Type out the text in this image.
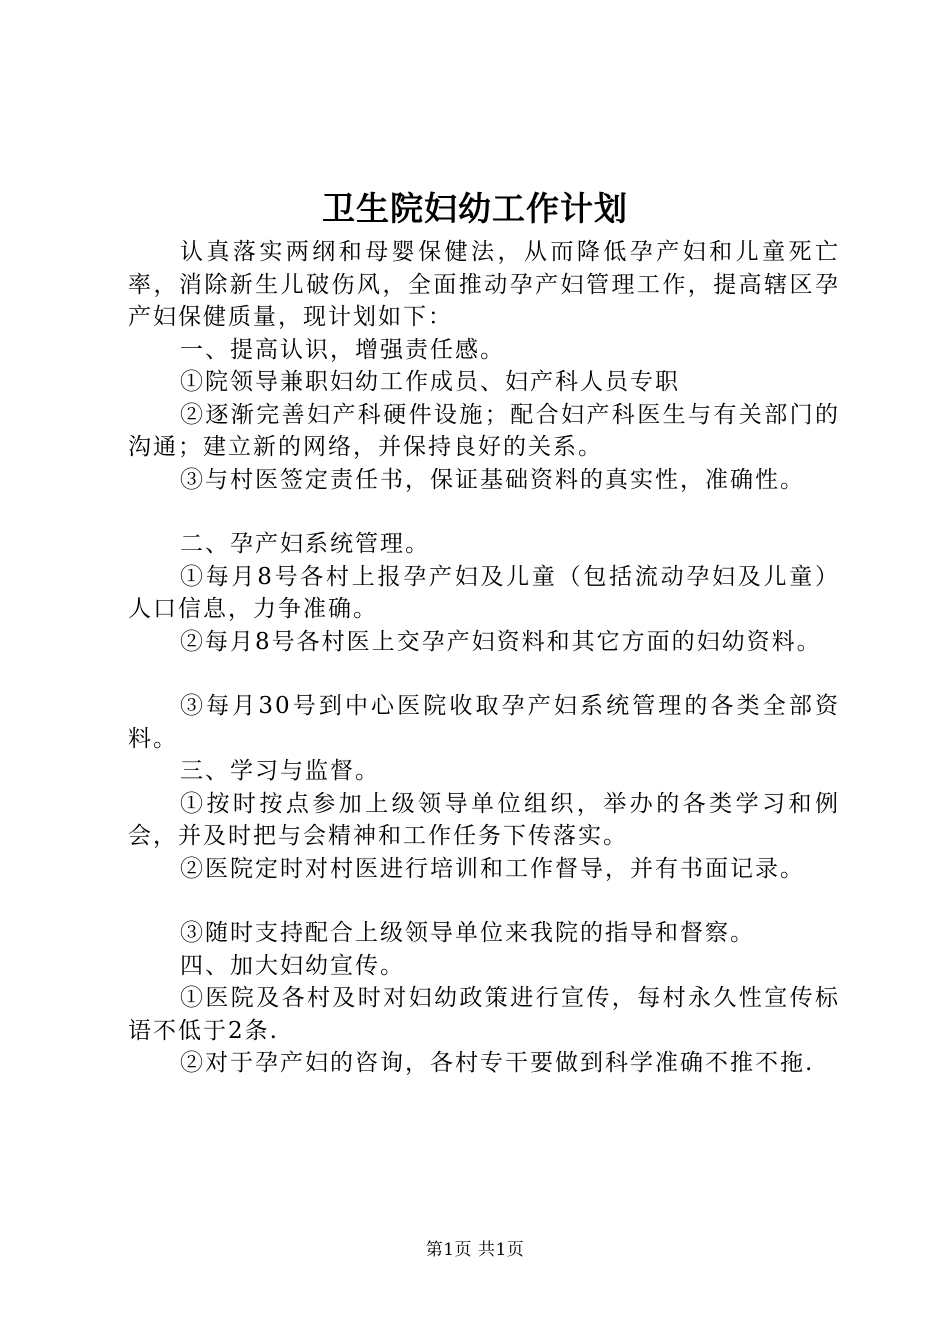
卫生院妇幼工作计划

认真落实两纲和母婴保健法，从而降低孕产妇和儿童死亡率，消除新生儿破伤风，全面推动孕产妇管理工作，提高辖区孕产妇保健质量，现计划如下：

一、提高认识，增强责任感。

①院领导兼职妇幼工作成员、妇产科人员专职

②逐渐完善妇产科硬件设施；配合妇产科医生与有关部门的沟通；建立新的网络，并保持良好的关系。

③与村医签定责任书，保证基础资料的真实性，准确性。

二、孕产妇系统管理。

①每月8号各村上报孕产妇及儿童（包括流动孕妇及儿童）人口信息，力争准确。

②每月8号各村医上交孕产妇资料和其它方面的妇幼资料。

③每月30号到中心医院收取孕产妇系统管理的各类全部资料。

三、学习与监督。

①按时按点参加上级领导单位组织，举办的各类学习和例会，并及时把与会精神和工作任务下传落实。

②医院定时对村医进行培训和工作督导，并有书面记录。

③随时支持配合上级领导单位来我院的指导和督察。

四、加大妇幼宣传。

①医院及各村及时对妇幼政策进行宣传，每村永久性宣传标语不低于2条.

②对于孕产妇的咨询，各村专干要做到科学准确不推不拖.

第1页 共1页
